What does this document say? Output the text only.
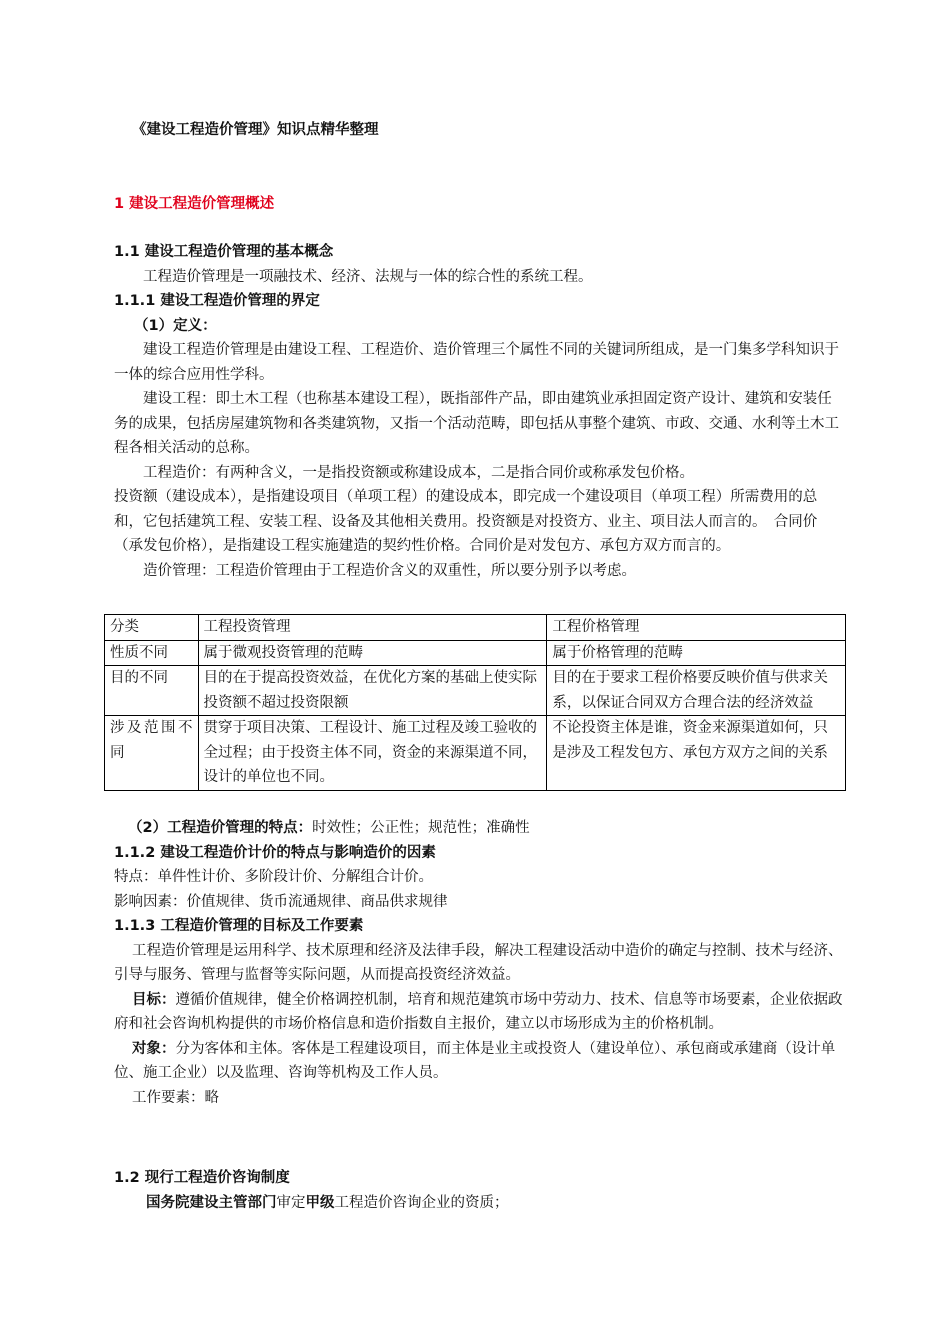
《建设工程造价管理》知识点精华整理
1 建设工程造价管理概述

1.1 建设工程造价管理的基本概念

工程造价管理是一项融技术、经济、法规与一体的综合性的系统工程。

1.1.1 建设工程造价管理的界定

（1）定义：

建设工程造价管理是由建设工程、工程造价、造价管理三个属性不同的关键词所组成，是一门集多学科知识于一体的综合应用性学科。

建设工程：即土木工程（也称基本建设工程），既指部件产品，即由建筑业承担固定资产设计、建筑和安装任务的成果，包括房屋建筑物和各类建筑物，又指一个活动范畴，即包括从事整个建筑、市政、交通、水利等土木工程各相关活动的总称。

工程造价：有两种含义，一是指投资额或称建设成本，二是指合同价或称承发包价格。

投资额（建设成本），是指建设项目（单项工程）的建设成本，即完成一个建设项目（单项工程）所需费用的总和，它包括建筑工程、安装工程、设备及其他相关费用。投资额是对投资方、业主、项目法人而言的。　合同价（承发包价格），是指建设工程实施建造的契约性价格。合同价是对发包方、承包方双方而言的。

造价管理：工程造价管理由于工程造价含义的双重性，所以要分别予以考虑。

分类	工程投资管理	工程价格管理
性质不同	属于微观投资管理的范畴	属于价格管理的范畴
目的不同	目的在于提高投资效益，在优化方案的基础上使实际投资额不超过投资限额	目的在于要求工程价格要反映价值与供求关系，以保证合同双方合理合法的经济效益
涉及范围不同	贯穿于项目决策、工程设计、施工过程及竣工验收的全过程；由于投资主体不同，资金的来源渠道不同，设计的单位也不同。	不论投资主体是谁，资金来源渠道如何，只是涉及工程发包方、承包方双方之间的关系

（2）工程造价管理的特点：时效性；公正性；规范性；准确性

1.1.2 建设工程造价计价的特点与影响造价的因素

特点：单件性计价、多阶段计价、分解组合计价。

影响因素：价值规律、货币流通规律、商品供求规律

1.1.3 工程造价管理的目标及工作要素

工程造价管理是运用科学、技术原理和经济及法律手段，解决工程建设活动中造价的确定与控制、技术与经济、引导与服务、管理与监督等实际问题，从而提高投资经济效益。

目标：遵循价值规律，健全价格调控机制，培育和规范建筑市场中劳动力、技术、信息等市场要素，企业依据政府和社会咨询机构提供的市场价格信息和造价指数自主报价，建立以市场形成为主的价格机制。

对象：分为客体和主体。客体是工程建设项目，而主体是业主或投资人（建设单位）、承包商或承建商（设计单位、施工企业）以及监理、咨询等机构及工作人员。

工作要素：略

1.2 现行工程造价咨询制度

国务院建设主管部门审定甲级工程造价咨询企业的资质；
